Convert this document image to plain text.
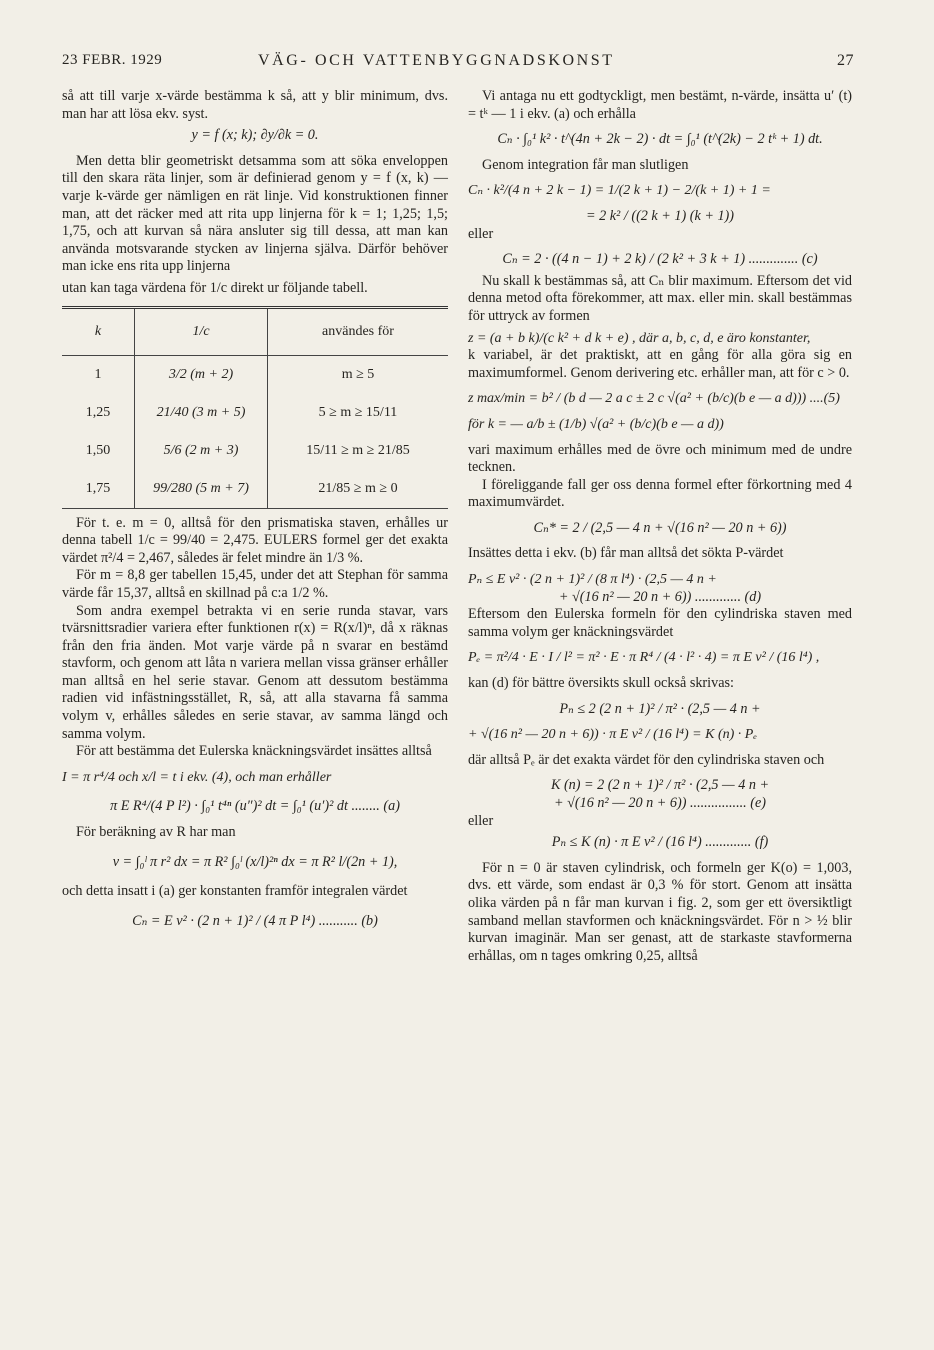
23 FEBR. 1929	VÄG- OCH VATTENBYGGNADSKONST	27

så att till varje x-värde bestämma k så, att y blir minimum, dvs. man har att lösa ekv. syst.

y = f (x; k); ∂y/∂k = 0.

Men detta blir geometriskt detsamma som att söka enveloppen till den skara räta linjer, som är definierad genom y = f (x, k) — varje k-värde ger nämligen en rät linje. Vid konstruktionen finner man, att det räcker med att rita upp linjerna för k = 1; 1,25; 1,5; 1,75, och att kurvan så nära ansluter sig till dessa, att man kan använda motsvarande stycken av linjerna själva. Därför behöver man icke ens rita upp linjerna

utan kan taga värdena för 1/c direkt ur följande tabell.

k	1/c	användes för
1	3/2 (m + 2)	m ≥ 5
1,25	21/40 (3 m + 5)	5 ≥ m ≥ 15/11
1,50	5/6 (2 m + 3)	15/11 ≥ m ≥ 21/85
1,75	99/280 (5 m + 7)	21/85 ≥ m ≥ 0

För t. e. m = 0, alltså för den prismatiska staven, erhålles ur denna tabell 1/c = 99/40 = 2,475. EULERS formel ger det exakta värdet π²/4 = 2,467, således är felet mindre än 1/3 %.

För m = 8,8 ger tabellen 15,45, under det att Stephan för samma värde får 15,37, alltså en skillnad på c:a 1/2 %.

Som andra exempel betrakta vi en serie runda stavar, vars tvärsnittsradier variera efter funktionen r(x) = R(x/l)ⁿ, då x räknas från den fria änden. Mot varje värde på n svarar en bestämd stavform, och genom att låta n variera mellan vissa gränser erhåller man alltså en hel serie stavar. Genom att dessutom bestämma radien vid infästningsstället, R, så, att alla stavarna få samma volym v, erhålles således en serie stavar, av samma längd och samma volym.

För att bestämma det Eulerska knäckningsvärdet insättes alltså

I = π r⁴/4 och x/l = t i ekv. (4), och man erhåller

π E R⁴/(4 P l²) · ∫₀¹ t⁴ⁿ (u″)² dt = ∫₀¹ (u′)² dt ........ (a)

För beräkning av R har man

v = ∫₀ˡ π r² dx = π R² ∫₀ˡ (x/l)²ⁿ dx = π R² l/(2n + 1),

och detta insatt i (a) ger konstanten framför integralen värdet

Cₙ = E v² · (2 n + 1)² / (4 π P l⁴) ........... (b)

Vi antaga nu ett godtyckligt, men bestämt, n-värde, insätta u′ (t) = tᵏ — 1 i ekv. (a) och erhålla

Cₙ · ∫₀¹ k² · t^(4n + 2k − 2) · dt = ∫₀¹ (t^(2k) − 2 tᵏ + 1) dt.

Genom integration får man slutligen

Cₙ · k²/(4 n + 2 k − 1) = 1/(2 k + 1) − 2/(k + 1) + 1 =

= 2 k² / ((2 k + 1) (k + 1))

eller

Cₙ = 2 · ((4 n − 1) + 2 k) / (2 k² + 3 k + 1) .............. (c)

Nu skall k bestämmas så, att Cₙ blir maximum. Eftersom det vid denna metod ofta förekommer, att max. eller min. skall bestämmas för uttryck av formen

z = (a + b k)/(c k² + d k + e) , där a, b, c, d, e äro konstanter,

k variabel, är det praktiskt, att en gång för alla göra sig en maximumformel. Genom derivering etc. erhåller man, att för c > 0.

z max/min = b² / (b d — 2 a c ± 2 c √(a² + (b/c)(b e — a d))) ....(5)

för k = — a/b ± (1/b) √(a² + (b/c)(b e — a d))

vari maximum erhålles med de övre och minimum med de undre tecknen.

I föreliggande fall ger oss denna formel efter förkortning med 4 maximumvärdet.

Cₙ* = 2 / (2,5 — 4 n + √(16 n² — 20 n + 6))

Insättes detta i ekv. (b) får man alltså det sökta P-värdet

Pₙ ≤ E v² · (2 n + 1)² / (8 π l⁴) · (2,5 — 4 n +

+ √(16 n² — 20 n + 6)) ............. (d)

Eftersom den Eulerska formeln för den cylindriska staven med samma volym ger knäckningsvärdet

Pₑ = π²/4 · E · I / l² = π² · E · π R⁴ / (4 · l² · 4) = π E v² / (16 l⁴) ,

kan (d) för bättre översikts skull också skrivas:

Pₙ ≤ 2 (2 n + 1)² / π² · (2,5 — 4 n +

+ √(16 n² — 20 n + 6)) · π E v² / (16 l⁴) = K (n) · Pₑ

där alltså Pₑ är det exakta värdet för den cylindriska staven och

K (n) = 2 (2 n + 1)² / π² · (2,5 — 4 n +

+ √(16 n² — 20 n + 6)) ................ (e)

eller

Pₙ ≤ K (n) · π E v² / (16 l⁴) ............. (f)

För n = 0 är staven cylindrisk, och formeln ger K(o) = 1,003, dvs. ett värde, som endast är 0,3 % för stort. Genom att insätta olika värden på n får man kurvan i fig. 2, som ger ett översiktligt samband mellan stavformen och knäckningsvärdet. För n > ½ blir kurvan imaginär. Man ser genast, att de starkaste stavformerna erhållas, om n tages omkring 0,25, alltså
